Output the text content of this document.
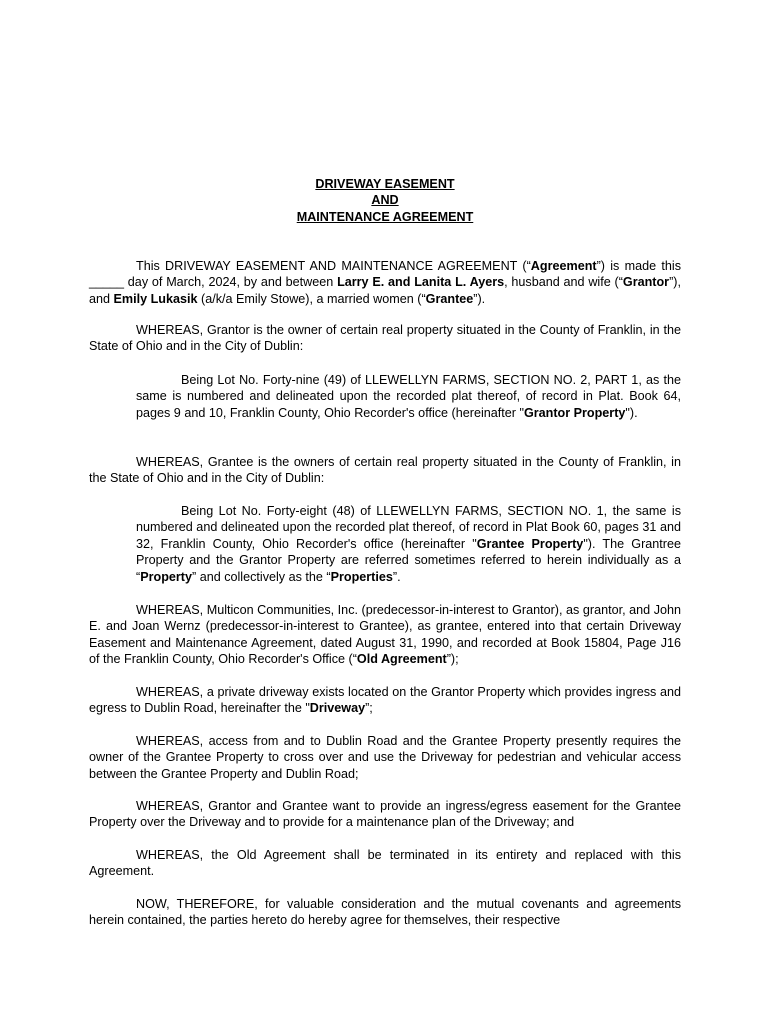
DRIVEWAY EASEMENT
AND
MAINTENANCE AGREEMENT

This DRIVEWAY EASEMENT AND MAINTENANCE AGREEMENT (“Agreement”) is made this _____ day of March, 2024, by and between Larry E. and Lanita L. Ayers, husband and wife (“Grantor”), and Emily Lukasik (a/k/a Emily Stowe), a married women (“Grantee”).

WHEREAS, Grantor is the owner of certain real property situated in the County of Franklin, in the State of Ohio and in the City of Dublin:

Being Lot No. Forty-nine (49) of LLEWELLYN FARMS, SECTION NO. 2, PART 1, as the same is numbered and delineated upon the recorded plat thereof, of record in Plat. Book 64, pages 9 and 10, Franklin County, Ohio Recorder's office (hereinafter "Grantor Property").

WHEREAS, Grantee is the owners of certain real property situated in the County of Franklin, in the State of Ohio and in the City of Dublin:

Being Lot No. Forty-eight (48) of LLEWELLYN FARMS, SECTION NO. 1, the same is numbered and delineated upon the recorded plat thereof, of record in Plat Book 60, pages 31 and 32, Franklin County, Ohio Recorder's office (hereinafter "Grantee Property"). The Grantree Property and the Grantor Property are referred sometimes referred to herein individually as a “Property” and collectively as the “Properties”.

WHEREAS, Multicon Communities, Inc. (predecessor-in-interest to Grantor), as grantor, and John E. and Joan Wernz (predecessor-in-interest to Grantee), as grantee, entered into that certain Driveway Easement and Maintenance Agreement, dated August 31, 1990, and recorded at Book 15804, Page J16 of the Franklin County, Ohio Recorder's Office (“Old Agreement”);

WHEREAS, a private driveway exists located on the Grantor Property which provides ingress and egress to Dublin Road, hereinafter the "Driveway”;

WHEREAS, access from and to Dublin Road and the Grantee Property presently requires the owner of the Grantee Property to cross over and use the Driveway for pedestrian and vehicular access between the Grantee Property and Dublin Road;

WHEREAS, Grantor and Grantee want to provide an ingress/egress easement for the Grantee Property over the Driveway and to provide for a maintenance plan of the Driveway; and

WHEREAS, the Old Agreement shall be terminated in its entirety and replaced with this Agreement.

NOW, THEREFORE, for valuable consideration and the mutual covenants and agreements herein contained, the parties hereto do hereby agree for themselves, their respective
